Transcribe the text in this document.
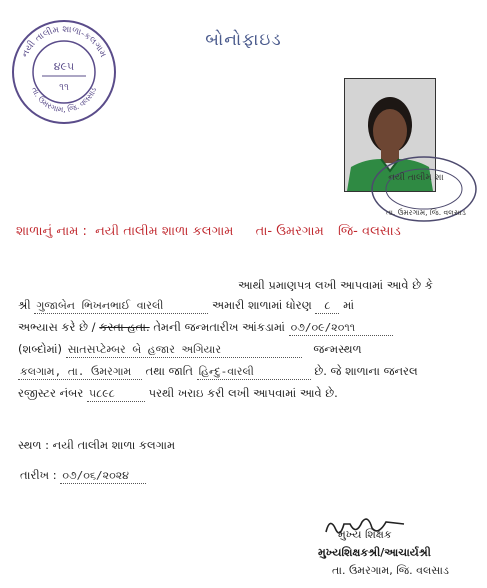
બોનોફાઇડ
નયી તાલીમ શાળા-કલગામ
તા. ઉમરગામ, જિ. વલસાડ
૪૯૫
૧૧
નયી તાલીમ શા
તા. ઉમરગામ, જિ. વલસાડ
શાળાનું નામ : નયી તાલીમ શાળા કલગામ તા- ઉમરગામ જિ- વલસાડ
આથી પ્રમાણપત્ર લખી આપવામાં આવે છે કે
શ્રી ગુજાબેન ભિખનભાઈ વારલી	અમારી શાળામાં ધોરણ ૮ માં
અભ્યાસ કરે છે / કરતા હતા. તેમની જન્મતારીખ આંકડામાં ૦૭/૦૯/૨૦૧૧
(શબ્દોમાં) સાતસપ્ટેમ્બર બે હજાર અગિયાર	જન્મસ્થળ
કલગામ, તા. ઉમરગામ તથા જાતિ હિન્દુ-વારલી	છે. જે શાળાના જનરલ
રજીસ્ટર નંબર ૫૮૯૮	પરથી ખરાઇ કરી લખી આપવામાં આવે છે.
સ્થળ : નયી તાલીમ શાળા કલગામ
તારીખ : ૦૭/૦૬/૨૦૨૪
મુખ્ય શિક્ષક
મુખ્યશિક્ષકશ્રી/આચાર્યશ્રી
તા. ઉમરગામ, જિ. વલસાડ
